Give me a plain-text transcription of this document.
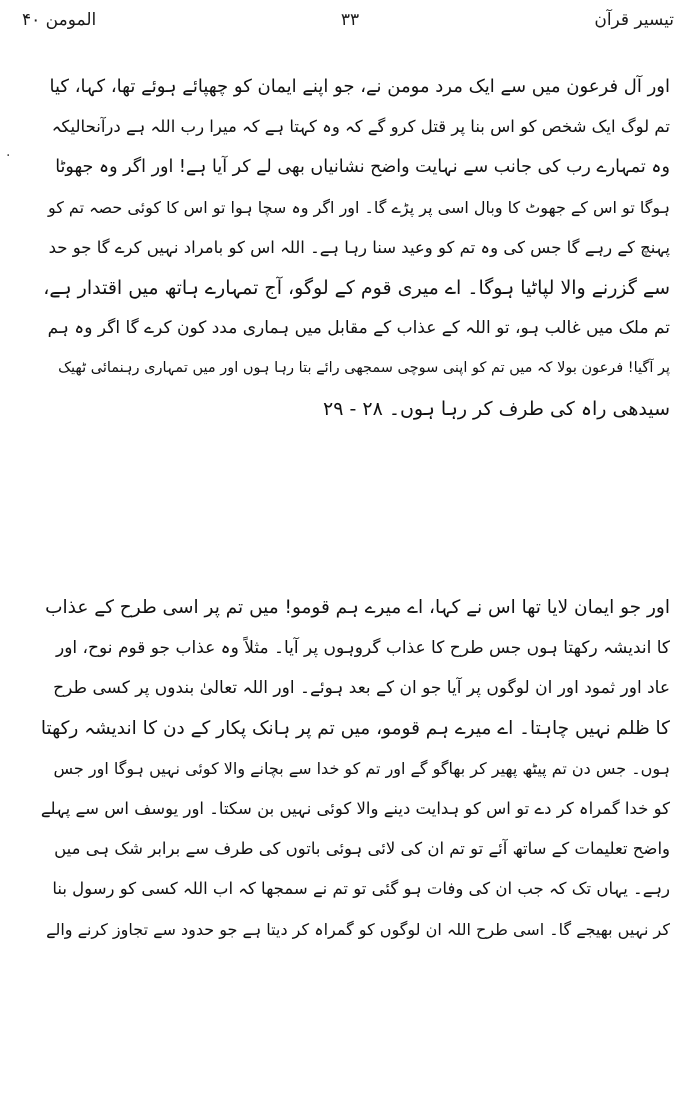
تیسیر قرآن
۳۳
المومن ۴۰
·
اور آل فرعون میں سے ایک مرد مومن نے، جو اپنے ایمان کو چھپائے ہوئے تھا، کہا، کیا
تم لوگ ایک شخص کو اس بنا پر قتل کرو گے کہ وہ کہتا ہے کہ میرا رب اللہ ہے درآنحالیکہ
وہ تمہارے رب کی جانب سے نہایت واضح نشانیاں بھی لے کر آیا ہے! اور اگر وہ جھوٹا
ہوگا تو اس کے جھوٹ کا وبال اسی پر پڑے گا۔ اور اگر وہ سچا ہوا تو اس کا کوئی حصہ تم کو
پہنچ کے رہے گا جس کی وہ تم کو وعید سنا رہا ہے۔ اللہ اس کو بامراد نہیں کرے گا جو حد
سے گزرنے والا لپاٹیا ہوگا۔ اے میری قوم کے لوگو، آج تمہارے ہاتھ میں اقتدار ہے،
تم ملک میں غالب ہو، تو اللہ کے عذاب کے مقابل میں ہماری مدد کون کرے گا اگر وہ ہم
پر آگیا! فرعون بولا کہ میں تم کو اپنی سوچی سمجھی رائے بتا رہا ہوں اور میں تمہاری رہنمائی ٹھیک
سیدھی راہ کی طرف کر رہا ہوں۔ ۲۸ - ۲۹
اور جو ایمان لایا تھا اس نے کہا، اے میرے ہم قومو! میں تم پر اسی طرح کے عذاب
کا اندیشہ رکھتا ہوں جس طرح کا عذاب گروہوں پر آیا۔ مثلاً وہ عذاب جو قوم نوح، اور
عاد اور ثمود اور ان لوگوں پر آیا جو ان کے بعد ہوئے۔ اور اللہ تعالیٰ بندوں پر کسی طرح
کا ظلم نہیں چاہتا۔ اے میرے ہم قومو، میں تم پر ہانک پکار کے دن کا اندیشہ رکھتا
ہوں۔ جس دن تم پیٹھ پھیر کر بھاگو گے اور تم کو خدا سے بچانے والا کوئی نہیں ہوگا اور جس
کو خدا گمراہ کر دے تو اس کو ہدایت دینے والا کوئی نہیں بن سکتا۔ اور یوسف اس سے پہلے
واضح تعلیمات کے ساتھ آئے تو تم ان کی لائی ہوئی باتوں کی طرف سے برابر شک ہی میں
رہے۔ یہاں تک کہ جب ان کی وفات ہو گئی تو تم نے سمجھا کہ اب اللہ کسی کو رسول بنا
کر نہیں بھیجے گا۔ اسی طرح اللہ ان لوگوں کو گمراہ کر دیتا ہے جو حدود سے تجاوز کرنے والے
